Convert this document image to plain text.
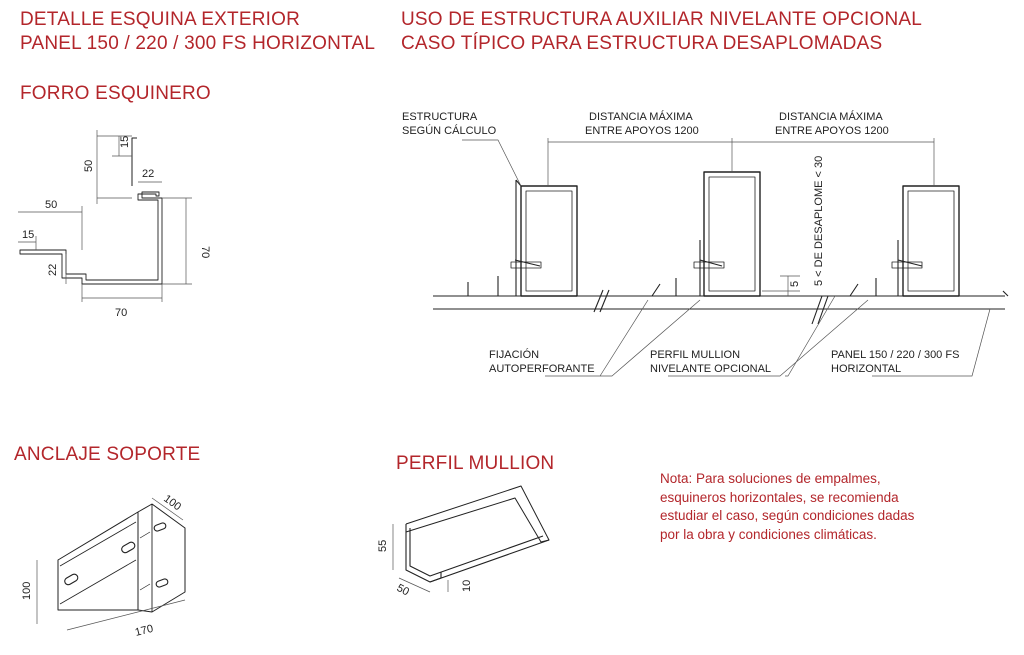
DETALLE ESQUINA EXTERIOR
PANEL 150 / 220 / 300 FS HORIZONTAL
USO DE ESTRUCTURA AUXILIAR NIVELANTE OPCIONAL
CASO TÍPICO PARA ESTRUCTURA DESAPLOMADAS
FORRO ESQUINERO
ANCLAJE SOPORTE	PERFIL MULLION
ESTRUCTURA
SEGÚN CÁLCULO
DISTANCIA MÁXIMA
ENTRE APOYOS 1200
DISTANCIA MÁXIMA
ENTRE APOYOS 1200
FIJACIÓN
AUTOPERFORANTE
PERFIL MULLION
NIVELANTE OPCIONAL
PANEL 150 / 220 / 300 FS
HORIZONTAL
Nota: Para soluciones de empalmes, esquineros horizontales, se recomienda estudiar el caso, según condiciones dadas por la obra y condiciones climáticas.
15
50
22
50
15
22
70
70
5 < DE DESAPLOME < 30
5
100
100
170
55
50	10
